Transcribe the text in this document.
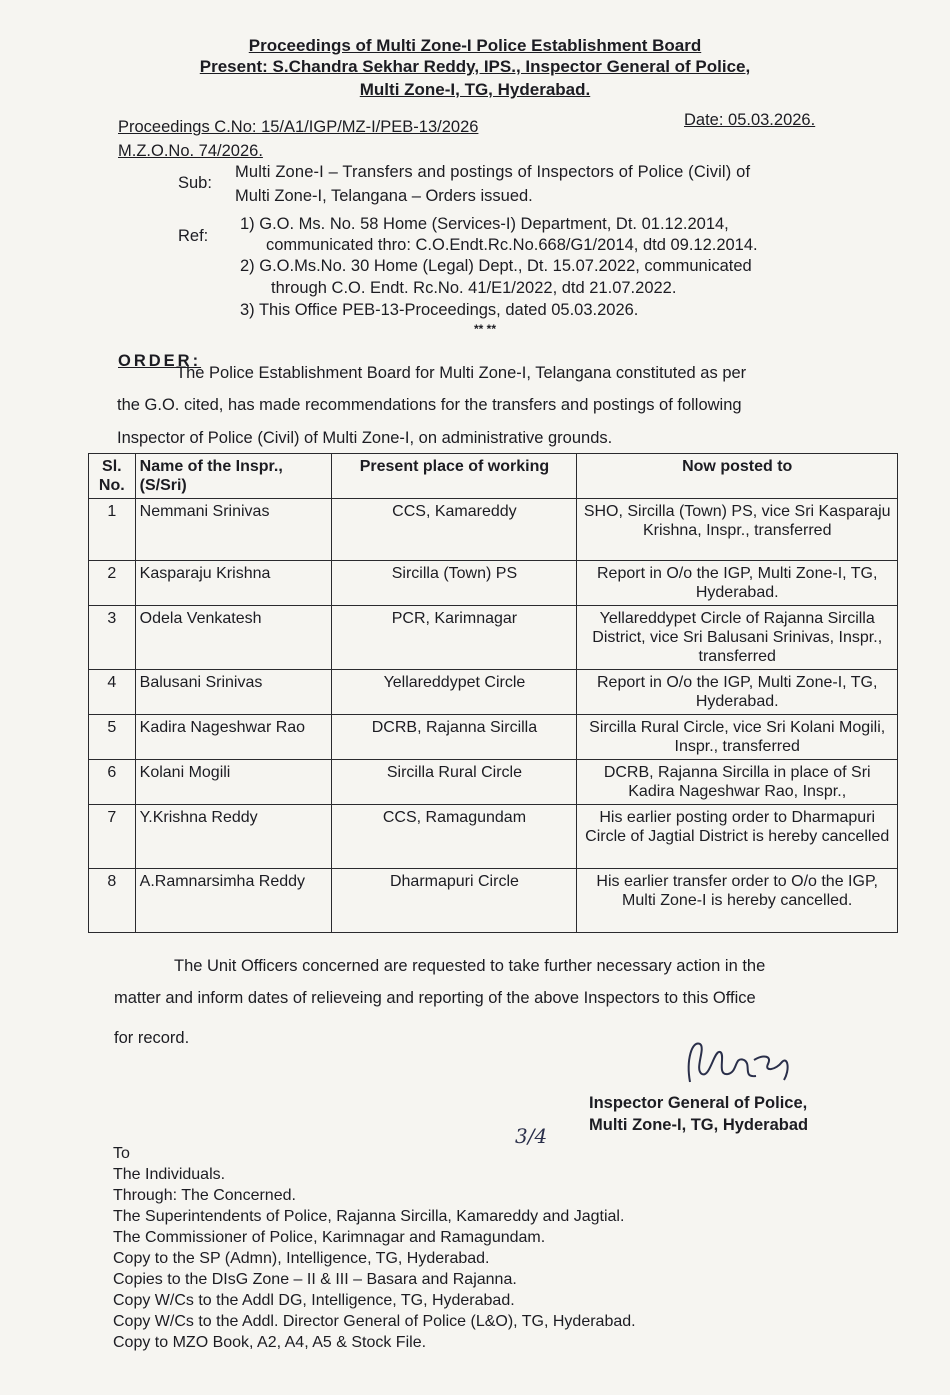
Proceedings of Multi Zone-I Police Establishment Board
Present: S.Chandra Sekhar Reddy, IPS., Inspector General of Police,
Multi Zone-I, TG, Hyderabad.
Proceedings C.No: 15/A1/IGP/MZ-I/PEB-13/2026	Date: 05.03.2026.
M.Z.O.No. 74/2026.
Sub:
Multi Zone-I – Transfers and postings of Inspectors of Police (Civil) of
Multi Zone-I, Telangana – Orders issued.
Ref:
1) G.O. Ms. No. 58 Home (Services-I) Department, Dt. 01.12.2014,
communicated thro: C.O.Endt.Rc.No.668/G1/2014, dtd 09.12.2014.
2) G.O.Ms.No. 30 Home (Legal) Dept., Dt. 15.07.2022, communicated
through C.O. Endt. Rc.No. 41/E1/2022, dtd 21.07.2022.
3) This Office PEB-13-Proceedings, dated 05.03.2026.
** **
ORDER:
The Police Establishment Board for Multi Zone-I, Telangana constituted as per
the G.O. cited, has made recommendations for the transfers and postings of following
Inspector of Police (Civil) of Multi Zone-I, on administrative grounds.
Sl. No.	Name of the Inspr., (S/Sri)	Present place of working	Now posted to
1	Nemmani Srinivas	CCS, Kamareddy	SHO, Sircilla (Town) PS, vice Sri Kasparaju Krishna, Inspr., transferred
2	Kasparaju Krishna	Sircilla (Town) PS	Report in O/o the IGP, Multi Zone-I, TG, Hyderabad.
3	Odela Venkatesh	PCR, Karimnagar	Yellareddypet Circle of Rajanna Sircilla District, vice Sri Balusani Srinivas, Inspr., transferred
4	Balusani Srinivas	Yellareddypet Circle	Report in O/o the IGP, Multi Zone-I, TG, Hyderabad.
5	Kadira Nageshwar Rao	DCRB, Rajanna Sircilla	Sircilla Rural Circle, vice Sri Kolani Mogili, Inspr., transferred
6	Kolani Mogili	Sircilla Rural Circle	DCRB, Rajanna Sircilla in place of Sri Kadira Nageshwar Rao, Inspr.,
7	Y.Krishna Reddy	CCS, Ramagundam	His earlier posting order to Dharmapuri Circle of Jagtial District is hereby cancelled
8	A.Ramnarsimha Reddy	Dharmapuri Circle	His earlier transfer order to O/o the IGP, Multi Zone-I is hereby cancelled.
The Unit Officers concerned are requested to take further necessary action in the
matter and inform dates of relieveing and reporting of the above Inspectors to this Office
for record.
Inspector General of Police,
Multi Zone-I, TG, Hyderabad
3/4
To
The Individuals.
Through: The Concerned.
The Superintendents of Police, Rajanna Sircilla, Kamareddy and Jagtial.
The Commissioner of Police, Karimnagar and Ramagundam.
Copy to the SP (Admn), Intelligence, TG, Hyderabad.
Copies to the DIsG Zone – II & III – Basara and Rajanna.
Copy W/Cs to the Addl DG, Intelligence, TG, Hyderabad.
Copy W/Cs to the Addl. Director General of Police (L&O), TG, Hyderabad.
Copy to MZO Book, A2, A4, A5 & Stock File.
